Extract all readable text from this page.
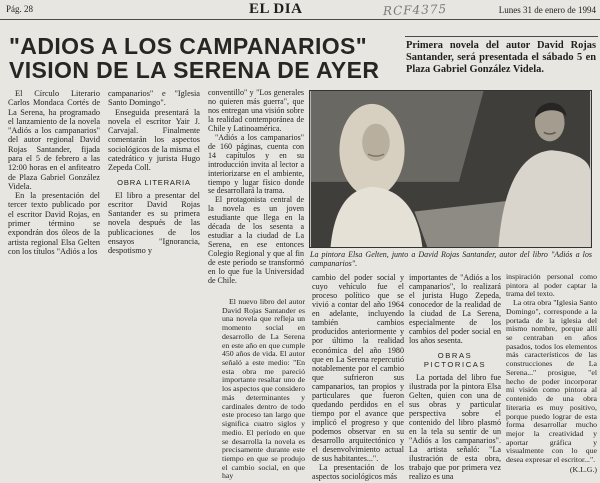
Pág. 28	EL DIA	RCF4375	Lunes 31 de enero de 1994
"ADIOS A LOS CAMPANARIOS"
VISION DE LA SERENA DE AYER
Primera novela del autor David Rojas Santander, será presentada el sábado 5 en Plaza Gabriel González Videla.
La pintora Elsa Gelten, junto a David Rojas Santander, autor del libro "Adiós a los campanarios".

El Círculo Literario Carlos Mondaca Cortés de La Serena, ha programado el lanzamiento de la novela "Adiós a los campanarios" del autor regional David Rojas Santander, fijada para el 5 de febrero a las 12:00 horas en el anfiteatro de Plaza Gabriel González Videla.

En la presentación del tercer texto publicado por el escritor David Rojas, en primer término se expondrán dos óleos de la artista regional Elsa Gelten con los títulos "Adiós a los

campanarios" e "Iglesia Santo Domingo".

Enseguida presentará la novela el escritor Yair J. Carvajal. Finalmente comentarán los aspectos sociológicos de la misma el catedrático y jurista Hugo Zepeda Coll.

OBRA LITERARIA

El libro a presentar del escritor David Rojas Santander es su primera novela después de las publicaciones de los ensayos "Ignorancia, despotismo y

conventillo" y "Los generales no quieren más guerra", que nos entregan una visión sobre la realidad contemporánea de Chile y Latinoamérica.

"Adiós a los campanarios" de 160 páginas, cuenta con 14 capítulos y en su introducción invita al lector a interiorizarse en el ambiente, tiempo y lugar físico donde se desarrollará la trama.

El protagonista central de la novela es un joven estudiante que llega en la década de los sesenta a estudiar a la ciudad de La Serena, en ese entonces Colegio Regional y que al fin de este período se transformó en lo que fue la Universidad de Chile.

El nuevo libro del autor David Rojas Santander es una novela que refleja un momento social en desarrollo de La Serena en este año en que cumple 450 años de vida. El autor señaló a este medio: "En esta obra me pareció importante resaltar uno de los aspectos que considero más determinantes y cardinales dentro de todo este proceso tan largo que significa cuatro siglos y medio. El período en que se desarrolla la novela es precisamente durante este tiempo en que se produjo el cambio social, en que hay

cambio del poder social y cuyo vehículo fue el proceso político que se vivió a contar del año 1964 en adelante, incluyendo también cambios producidos anteriormente y por último la realidad económica del año 1980 que en La Serena repercutió notablemente por el cambio que sufrieron sus campanarios, tan propios y particulares que fueron quedando perdidos en el tiempo por el avance que implicó el progreso y que podemos observar en su desarrollo arquitectónico y el desenvolvimiento actual de sus habitantes...".

La presentación de los aspectos sociológicos más

importantes de "Adiós a los campanarios", lo realizará el jurista Hugo Zepeda, conocedor de la realidad de la ciudad de La Serena, especialmente de los cambios del poder social en los años sesenta.

OBRAS PICTORICAS

La portada del libro fue ilustrada por la pintora Elsa Gelten, quien con una de sus obras y particular perspectiva sobre el contenido del libro plasmó en la tela su sentir de un "Adiós a los campanarios". La artista señaló: "La ilustración de esta obra, trabajo que por primera vez realizo es una

inspiración personal como pintora al poder captar la trama del texto.

La otra obra "Iglesia Santo Domingo", corresponde a la portada de la iglesia del mismo nombre, porque allí se centraban en años pasados, todos los elementos más característicos de las construcciones de La Serena..." prosigue, "el hecho de poder incorporar mi visión como pintora al contenido de una obra literaria es muy positivo, porque puedo lograr de esta forma desarrollar mucho mejor la creatividad y aportar gráfica y visualmente con lo que desea expresar el escritor...".

(K.L.G.)
